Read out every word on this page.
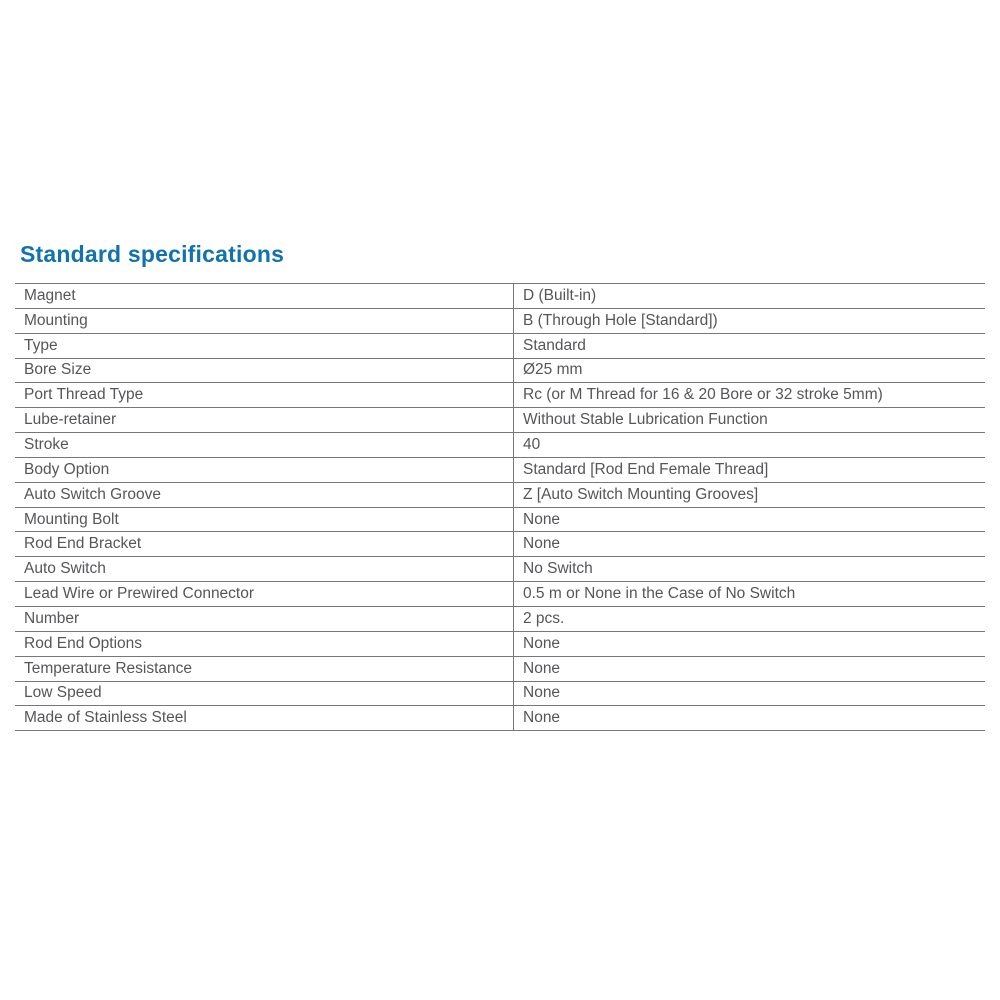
Standard specifications
Magnet	D (Built-in)
Mounting	B (Through Hole [Standard])
Type	Standard
Bore Size	Ø25 mm
Port Thread Type	Rc (or M Thread for 16 & 20 Bore or 32 stroke 5mm)
Lube-retainer	Without Stable Lubrication Function
Stroke	40
Body Option	Standard [Rod End Female Thread]
Auto Switch Groove	Z [Auto Switch Mounting Grooves]
Mounting Bolt	None
Rod End Bracket	None
Auto Switch	No Switch
Lead Wire or Prewired Connector	0.5 m or None in the Case of No Switch
Number	2 pcs.
Rod End Options	None
Temperature Resistance	None
Low Speed	None
Made of Stainless Steel	None
